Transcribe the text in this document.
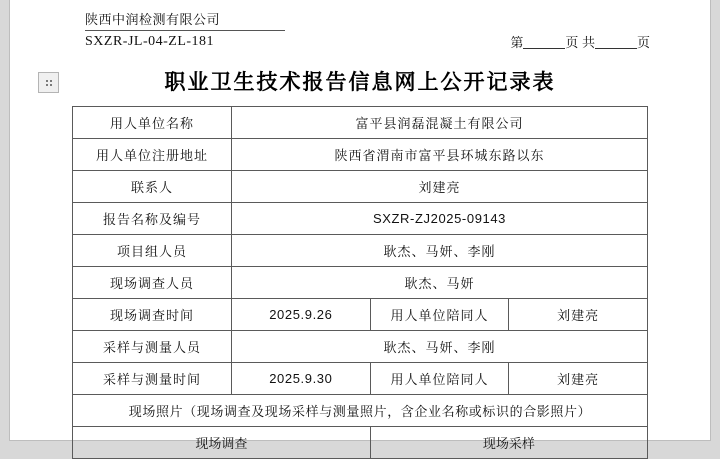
陕西中润检测有限公司
SXZR-JL-04-ZL-181	第	页 共	页
职业卫生技术报告信息网上公开记录表
用人单位名称	富平县润磊混凝土有限公司		
用人单位注册地址	陕西省渭南市富平县环城东路以东		
联系人	刘建亮		
报告名称及编号	SXZR-ZJ2025-09143		
项目组人员	耿杰、马妍、李刚		
现场调查人员	耿杰、马妍		
现场调查时间	2025.9.26	用人单位陪同人	刘建亮
采样与测量人员	耿杰、马妍、李刚		
采样与测量时间	2025.9.30	用人单位陪同人	刘建亮
现场照片（现场调查及现场采样与测量照片，含企业名称或标识的合影照片）			
现场调查		现场采样	
